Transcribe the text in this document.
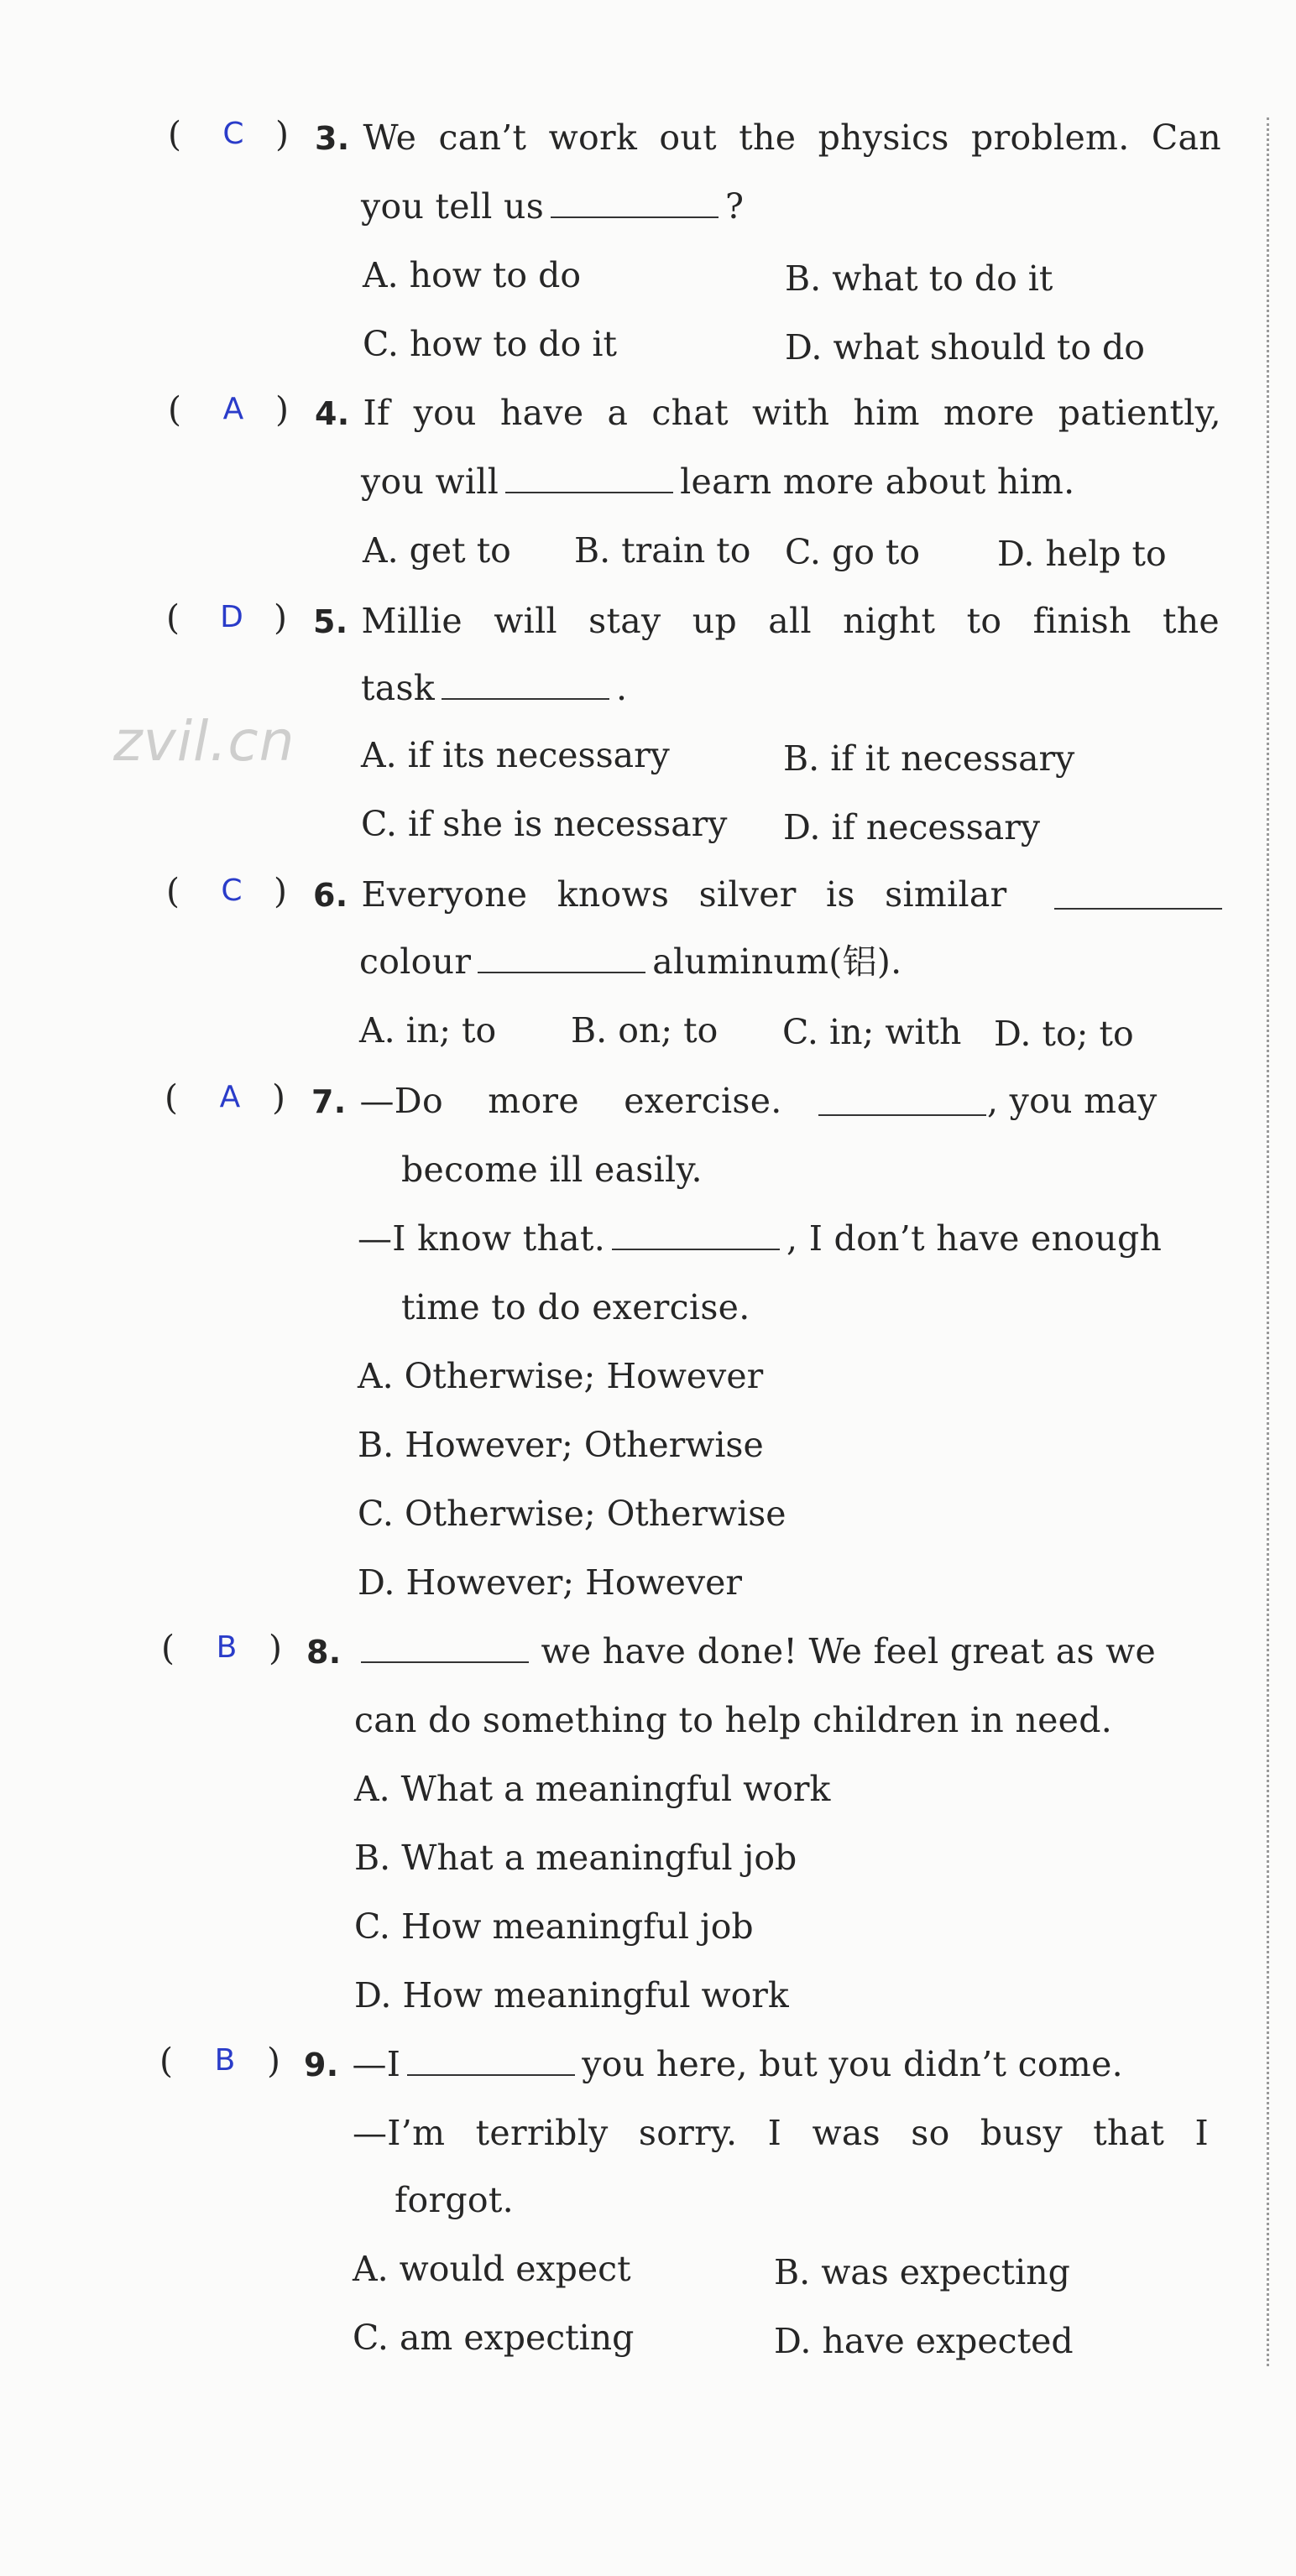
zvil.cn
( C ) 3. We can’t work out the physics problem. Can
you tell us	?
A. how to do	B. what to do it
C. how to do it	D. what should to do
( A ) 4. If you have a chat with him more patiently,
you will	learn more about him.
A. get to B. train to C. go to D. help to
( D ) 5. Millie will stay up all night to finish the
task	.
A. if its necessary	B. if it necessary
C. if she is necessary D. if necessary
( C ) 6. Everyone knows silver is similar
colour	aluminum(铝).
A. in; to B. on; to C. in; with D. to; to
( A ) 7. —Do more exercise.	, you may
become ill easily.
—I know that.	, I don’t have enough
time to do exercise.
A. Otherwise; However
B. However; Otherwise
C. Otherwise; Otherwise
D. However; However
( B ) 8.	we have done! We feel great as we
can do something to help children in need.
A. What a meaningful work
B. What a meaningful job
C. How meaningful job
D. How meaningful work
( B ) 9. —I	you here, but you didn’t come.
—I’m terribly sorry. I was so busy that I
forgot.
A. would expect	B. was expecting
C. am expecting	D. have expected
